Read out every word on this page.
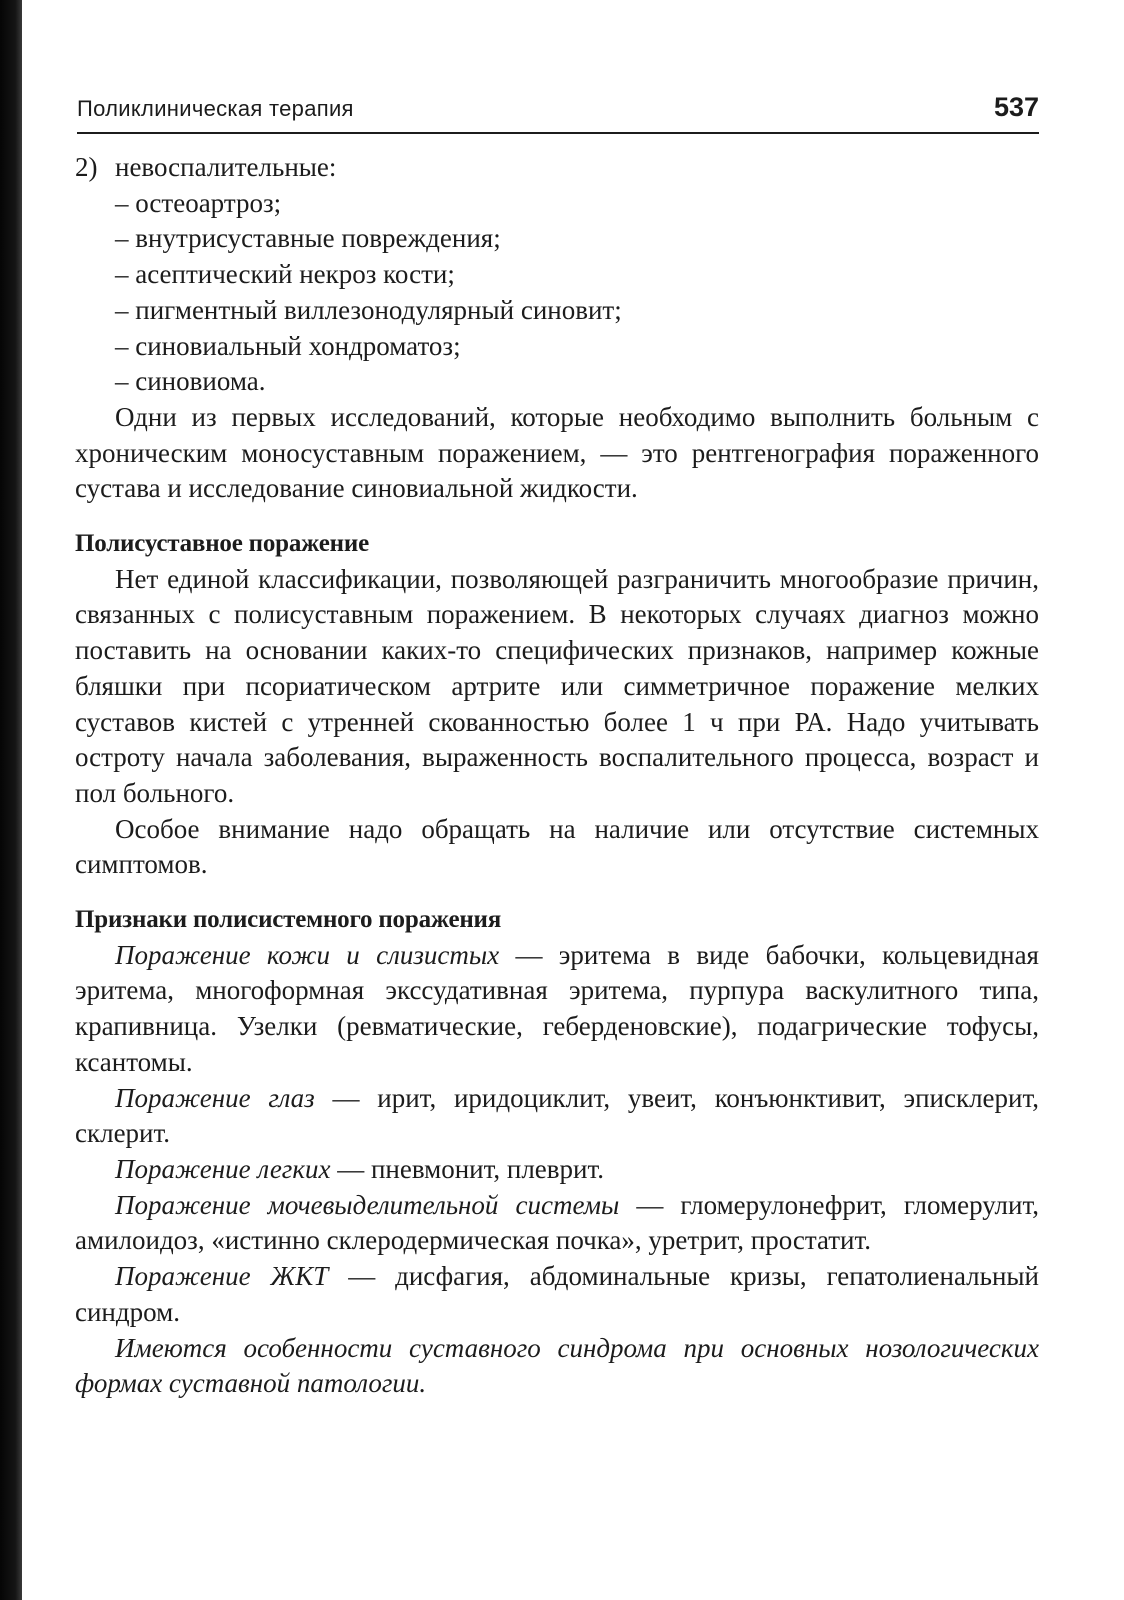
Поликлиническая терапия	537
2) невоспалительные:

– остеоартроз;

– внутрисуставные повреждения;

– асептический некроз кости;

– пигментный виллезонодулярный синовит;

– синовиальный хондроматоз;

– синовиома.

Одни из первых исследований, которые необходимо выполнить больным с хроническим моносуставным поражением, — это рентгенография пораженного сустава и исследование синовиальной жидкости.

Полисуставное поражение

Нет единой классификации, позволяющей разграничить многообразие причин, связанных с полисуставным поражением. В некоторых случаях диагноз можно поставить на основании каких-то специфических признаков, например кожные бляшки при псориатическом артрите или симметричное поражение мелких суставов кистей с утренней скованностью более 1 ч при РА. Надо учитывать остроту начала заболевания, выраженность воспалительного процесса, возраст и пол больного.

Особое внимание надо обращать на наличие или отсутствие системных симптомов.

Признаки полисистемного поражения

Поражение кожи и слизистых — эритема в виде бабочки, кольцевидная эритема, многоформная экссудативная эритема, пурпура васкулитного типа, крапивница. Узелки (ревматические, геберденовские), подагрические тофусы, ксантомы.

Поражение глаз — ирит, иридоциклит, увеит, конъюнктивит, эписклерит, склерит.

Поражение легких — пневмонит, плеврит.

Поражение мочевыделительной системы — гломерулонефрит, гломерулит, амилоидоз, «истинно склеродермическая почка», уретрит, простатит.

Поражение ЖКТ — дисфагия, абдоминальные кризы, гепатолиенальный синдром.

Имеются особенности суставного синдрома при основных нозологических формах суставной патологии.
